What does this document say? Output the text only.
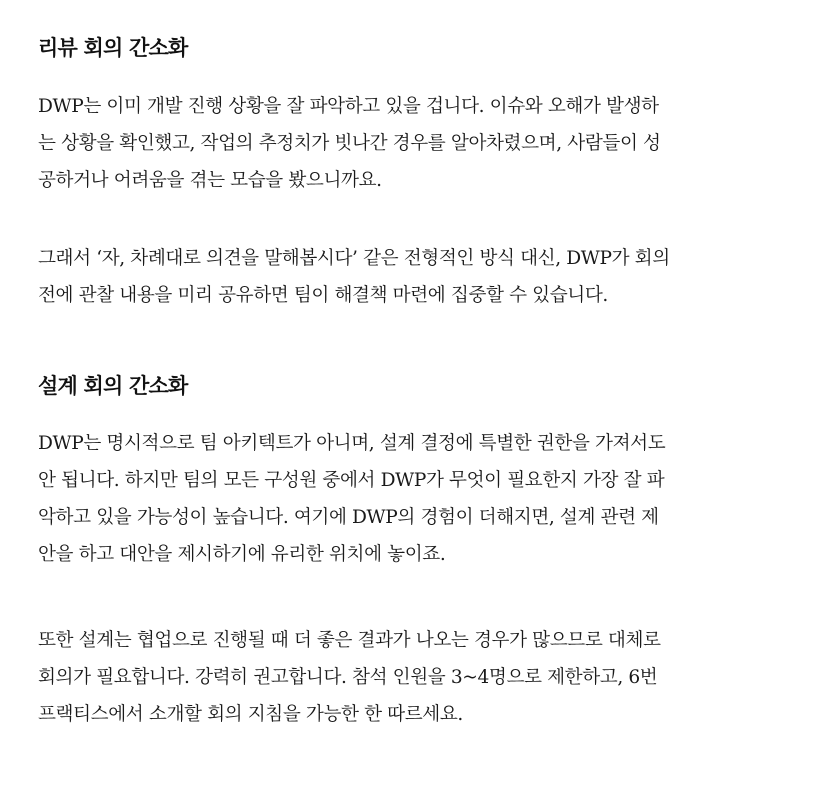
리뷰 회의 간소화

DWP는 이미 개발 진행 상황을 잘 파악하고 있을 겁니다. 이슈와 오해가 발생하
는 상황을 확인했고, 작업의 추정치가 빗나간 경우를 알아차렸으며, 사람들이 성
공하거나 어려움을 겪는 모습을 봤으니까요.

그래서 ‘자, 차례대로 의견을 말해봅시다’ 같은 전형적인 방식 대신, DWP가 회의
전에 관찰 내용을 미리 공유하면 팀이 해결책 마련에 집중할 수 있습니다.

설계 회의 간소화

DWP는 명시적으로 팀 아키텍트가 아니며, 설계 결정에 특별한 권한을 가져서도
안 됩니다. 하지만 팀의 모든 구성원 중에서 DWP가 무엇이 필요한지 가장 잘 파
악하고 있을 가능성이 높습니다. 여기에 DWP의 경험이 더해지면, 설계 관련 제
안을 하고 대안을 제시하기에 유리한 위치에 놓이죠.

또한 설계는 협업으로 진행될 때 더 좋은 결과가 나오는 경우가 많으므로 대체로
회의가 필요합니다. 강력히 권고합니다. 참석 인원을 3~4명으로 제한하고, 6번
프랙티스에서 소개할 회의 지침을 가능한 한 따르세요.
